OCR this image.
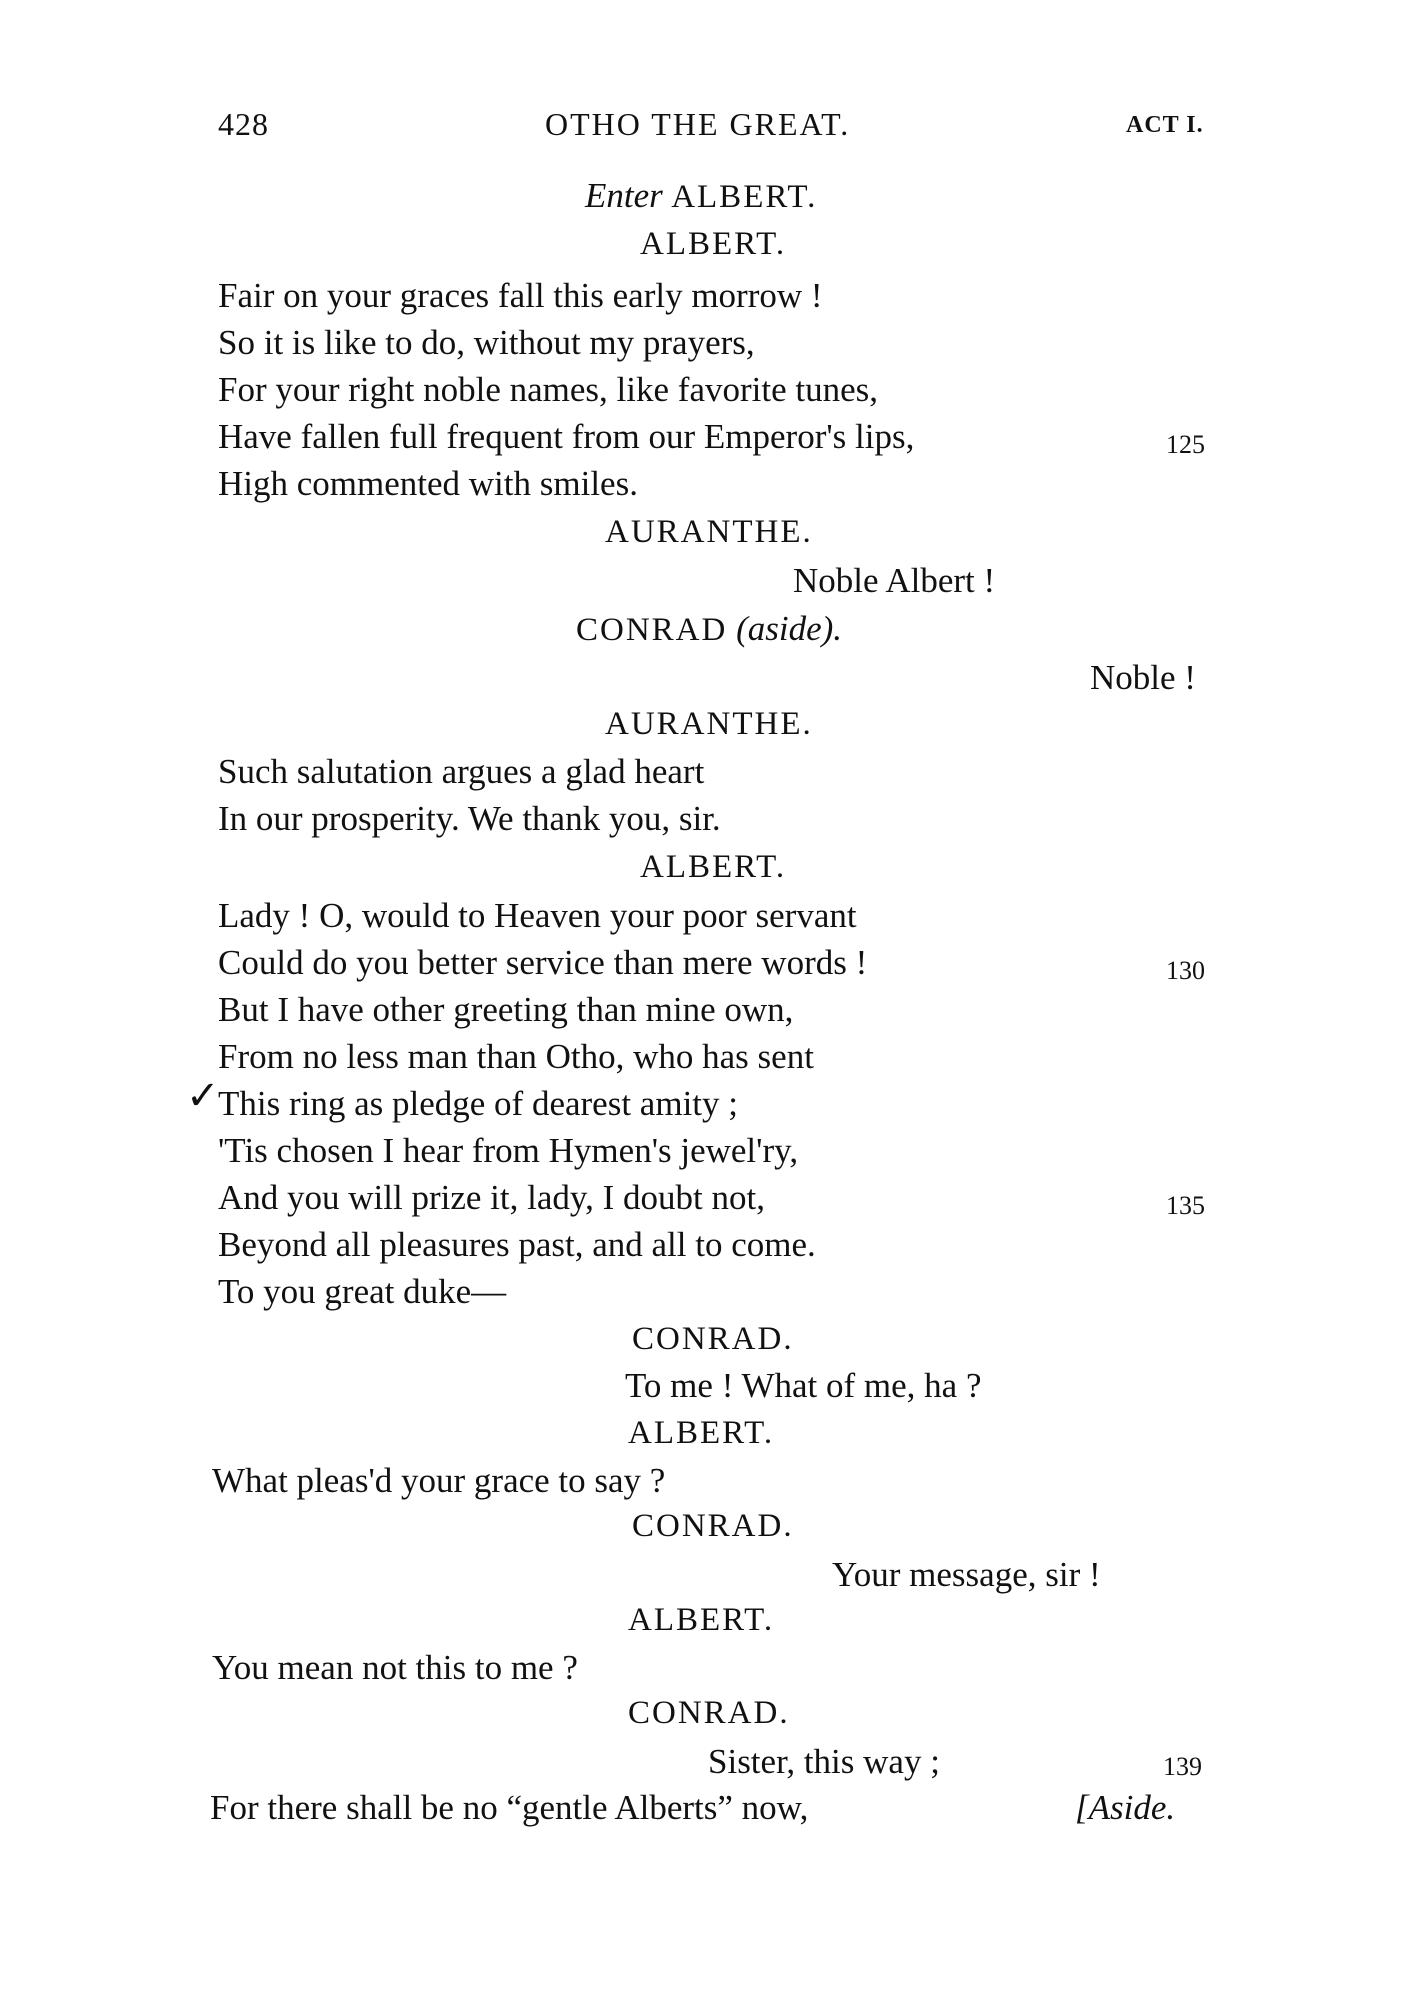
428	OTHO THE GREAT.	ACT I.
Enter ALBERT.
ALBERT.
Fair on your graces fall this early morrow !
So it is like to do, without my prayers,
For your right noble names, like favorite tunes,
Have fallen full frequent from our Emperor's lips,	125
High commented with smiles.
AURANTHE.
Noble Albert !
CONRAD (aside).
Noble !
AURANTHE.
Such salutation argues a glad heart
In our prosperity. We thank you, sir.
ALBERT.
Lady ! O, would to Heaven your poor servant
Could do you better service than mere words !	130
But I have other greeting than mine own,
From no less man than Otho, who has sent
✓
This ring as pledge of dearest amity ;
'Tis chosen I hear from Hymen's jewel'ry,
And you will prize it, lady, I doubt not,	135
Beyond all pleasures past, and all to come.
To you great duke—
CONRAD.
To me ! What of me, ha ?
ALBERT.
What pleas'd your grace to say ?
CONRAD.
Your message, sir !
ALBERT.
You mean not this to me ?
CONRAD.
Sister, this way ;	139
For there shall be no “gentle Alberts” now,	[Aside.
